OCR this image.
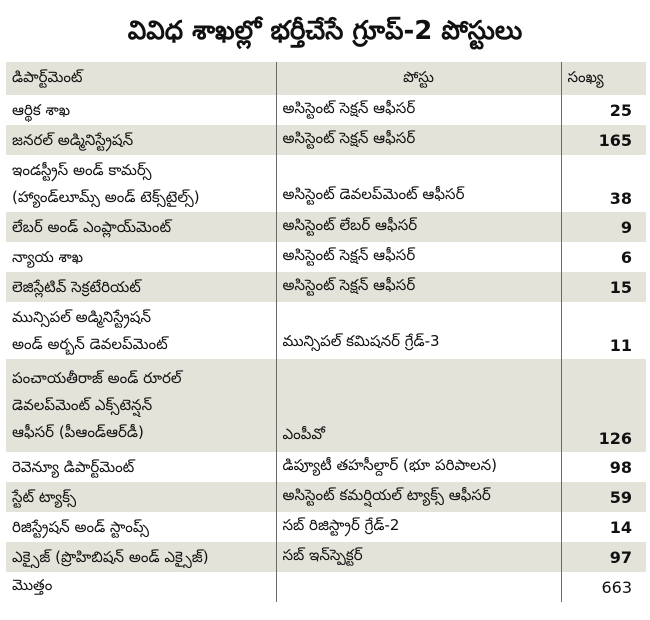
వివిధ శాఖల్లో భర్తీచేసే గ్రూప్‌-2 పోస్టులు
డిపార్ట్‌మెంట్‌	పోస్టు	సంఖ్య

ఆర్థిక శాఖ	అసిస్టెంట్‌ సెక్షన్‌ ఆఫీసర్‌	25

జనరల్‌ అడ్మినిస్ట్రేషన్‌	అసిస్టెంట్‌ సెక్షన్‌ ఆఫీసర్‌	165

ఇండస్ట్రీస్‌ అండ్‌ కామర్స్‌
(హ్యాండ్‌లూమ్స్‌ అండ్‌ టెక్స్‌టైల్స్‌)	అసిస్టెంట్‌ డెవలప్‌మెంట్‌ ఆఫీసర్‌	38

లేబర్‌ అండ్‌ ఎంప్లాయ్‌మెంట్‌	అసిస్టెంట్‌ లేబర్‌ ఆఫీసర్‌	9

న్యాయ శాఖ	అసిస్టెంట్‌ సెక్షన్‌ ఆఫీసర్‌	6

లెజిస్లేటివ్‌ సెక్రటేరియట్‌	అసిస్టెంట్‌ సెక్షన్‌ ఆఫీసర్‌	15

మున్సిపల్‌ అడ్మినిస్ట్రేషన్‌
అండ్‌ అర్బన్‌ డెవలప్‌మెంట్‌	మున్సిపల్‌ కమిషనర్‌ గ్రేడ్‌-3	11

పంచాయతీరాజ్‌ అండ్‌ రూరల్‌
డెవలప్‌మెంట్‌ ఎక్స్‌టెన్షన్‌
ఆఫీసర్‌ (పీఆండ్‌ఆర్‌డీ)	ఎంపీవో	126

రెవెన్యూ డిపార్ట్‌మెంట్‌	డిప్యూటీ తహసీల్దార్‌ (భూ పరిపాలన)	98

స్టేట్‌ ట్యాక్స్‌	అసిస్టెంట్‌ కమర్షియల్‌ ట్యాక్స్‌ ఆఫీసర్‌	59

రిజిస్ట్రేషన్‌ అండ్‌ స్టాంప్స్‌	సబ్‌ రిజిస్ట్రార్‌ గ్రేడ్‌-2	14

ఎక్సైజ్‌ (ప్రొహిబిషన్‌ అండ్‌ ఎక్సైజ్‌)	సబ్‌ ఇన్‌స్పెక్టర్‌	97
మొత్తం		663
